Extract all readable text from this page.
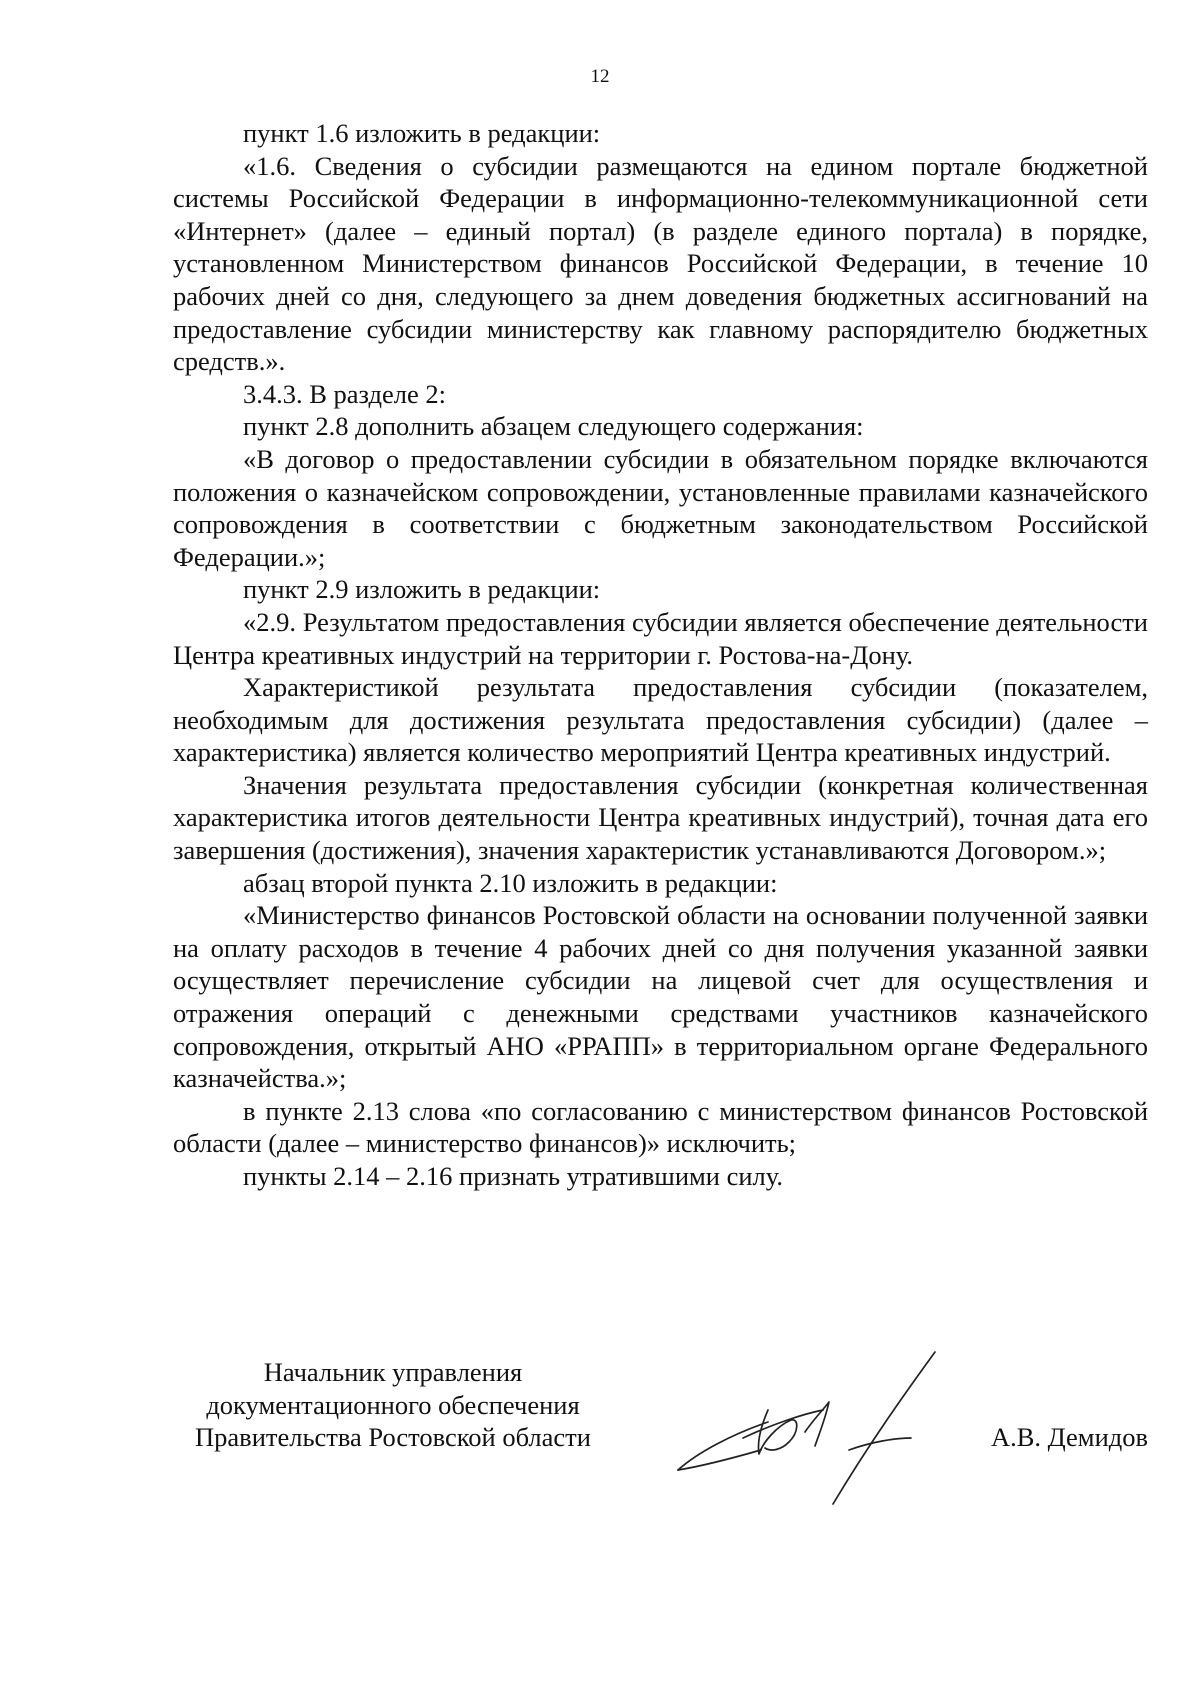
12

пункт 1.6 изложить в редакции:

«1.6. Сведения о субсидии размещаются на едином портале бюджетной системы Российской Федерации в информационно-телекоммуникационной сети «Интернет» (далее – единый портал) (в разделе единого портала) в порядке, установленном Министерством финансов Российской Федерации, в течение 10 рабочих дней со дня, следующего за днем доведения бюджетных ассигнований на предоставление субсидии министерству как главному распорядителю бюджетных средств.».

3.4.3. В разделе 2:

пункт 2.8 дополнить абзацем следующего содержания:

«В договор о предоставлении субсидии в обязательном порядке включаются положения о казначейском сопровождении, установленные правилами казначейского сопровождения в соответствии с бюджетным законодательством Российской Федерации.»;

пункт 2.9 изложить в редакции:

«2.9. Результатом предоставления субсидии является обеспечение деятельности Центра креативных индустрий на территории г. Ростова-на-Дону.

Характеристикой результата предоставления субсидии (показателем, необходимым для достижения результата предоставления субсидии) (далее – характеристика) является количество мероприятий Центра креативных индустрий.

Значения результата предоставления субсидии (конкретная количественная характеристика итогов деятельности Центра креативных индустрий), точная дата его завершения (достижения), значения характеристик устанавливаются Договором.»;

абзац второй пункта 2.10 изложить в редакции:

«Министерство финансов Ростовской области на основании полученной заявки на оплату расходов в течение 4 рабочих дней со дня получения указанной заявки осуществляет перечисление субсидии на лицевой счет для осуществления и отражения операций с денежными средствами участников казначейского сопровождения, открытый АНО «РРАПП» в территориальном органе Федерального казначейства.»;

в пункте 2.13 слова «по согласованию с министерством финансов Ростовской области (далее – министерство финансов)» исключить;

пункты 2.14 – 2.16 признать утратившими силу.

Начальник управления
документационного обеспечения
Правительства Ростовской области	А.В. Демидов
